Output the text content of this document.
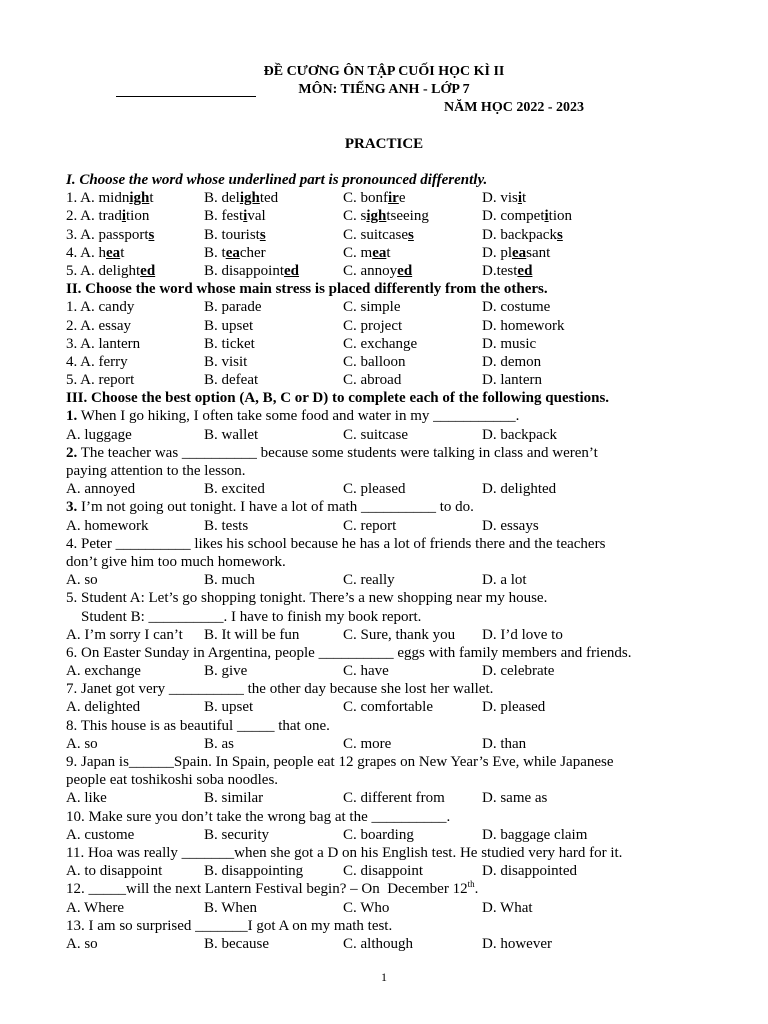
ĐỀ CƯƠNG ÔN TẬP CUỐI HỌC KÌ II
MÔN: TIẾNG ANH - LỚP 7
NĂM HỌC 2022 - 2023
PRACTICE
I. Choose the word whose underlined part is pronounced differently.
1. A. midnight	B. delighted	C. bonfire	D. visit
2. A. tradition	B. festival	C. sightseeing	D. competition
3. A. passports	B. tourists	C. suitcases	D. backpacks
4. A. heat	B. teacher	C. meat	D. pleasant
5. A. delighted	B. disappointed	C. annoyed	D.tested
II. Choose the word whose main stress is placed differently from the others.
1. A. candy	B. parade	C. simple	D. costume
2. A. essay	B. upset	C. project	D. homework
3. A. lantern	B. ticket	C. exchange	D. music
4. A. ferry	B. visit	C. balloon	D. demon
5. A. report	B. defeat	C. abroad	D. lantern
III. Choose the best option (A, B, C or D) to complete each of the following questions.
1. When I go hiking, I often take some food and water in my ___________.
A. luggage	B. wallet	C. suitcase	D. backpack
2. The teacher was __________ because some students were talking in class and weren’t
paying attention to the lesson.
A. annoyed	B. excited	C. pleased	D. delighted
3. I’m not going out tonight. I have a lot of math __________ to do.
A. homework	B. tests	C. report	D. essays
4. Peter __________ likes his school because he has a lot of friends there and the teachers
don’t give him too much homework.
A. so	B. much	C. really	D. a lot
5. Student A: Let’s go shopping tonight. There’s a new shopping near my house.
Student B: __________. I have to finish my book report.
A. I’m sorry I can’t B. It will be fun	C. Sure, thank you D. I’d love to
6. On Easter Sunday in Argentina, people __________ eggs with family members and friends.
A. exchange	B. give	C. have	D. celebrate
7. Janet got very __________ the other day because she lost her wallet.
A. delighted	B. upset	C. comfortable	D. pleased
8. This house is as beautiful _____ that one.
A. so	B. as	C. more	D. than
9. Japan is______Spain. In Spain, people eat 12 grapes on New Year’s Eve, while Japanese
people eat toshikoshi soba noodles.
A. like	B. similar	C. different from D. same as
10. Make sure you don’t take the wrong bag at the __________.
A. custome	B. security	C. boarding	D. baggage claim
11. Hoa was really _______when she got a D on his English test. He studied very hard for it.
A. to disappoint	B. disappointing	C. disappoint	D. disappointed
12. _____will the next Lantern Festival begin? – On  December 12th.
A. Where	B. When	C. Who	D. What
13. I am so surprised _______I got A on my math test.
A. so	B. because	C. although	D. however
1
